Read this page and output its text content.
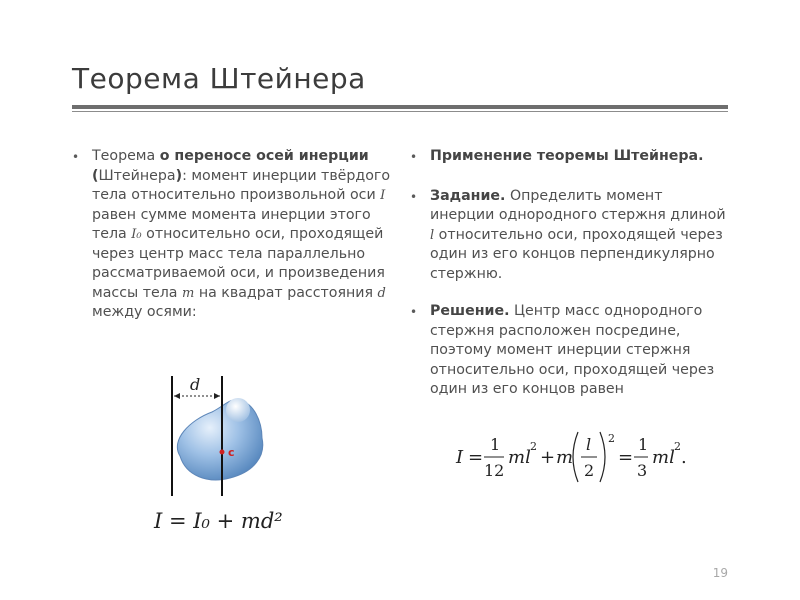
Теорема Штейнера
• Теорема о переносе осей инерции (Штейнера): момент инерции твёрдого тела относительно произвольной оси I равен сумме момента инерции этого тела I₀ относительно оси, проходящей через центр масс тела параллельно рассматриваемой оси, и произведения массы тела m на квадрат расстояния d между осями:
d
c
I = I₀ + md²
• Применение теоремы Штейнера.
• Задание. Определить момент инерции однородного стержня длиной l относительно оси, проходящей через один из его концов перпендикулярно стержню.
• Решение. Центр масс однородного стержня расположен посредине, поэтому момент инерции стержня относительно оси, проходящей через один из его концов равен
I =
1
12
ml
2
+ m
l
2
2
=
1
3
ml
2
.
19
